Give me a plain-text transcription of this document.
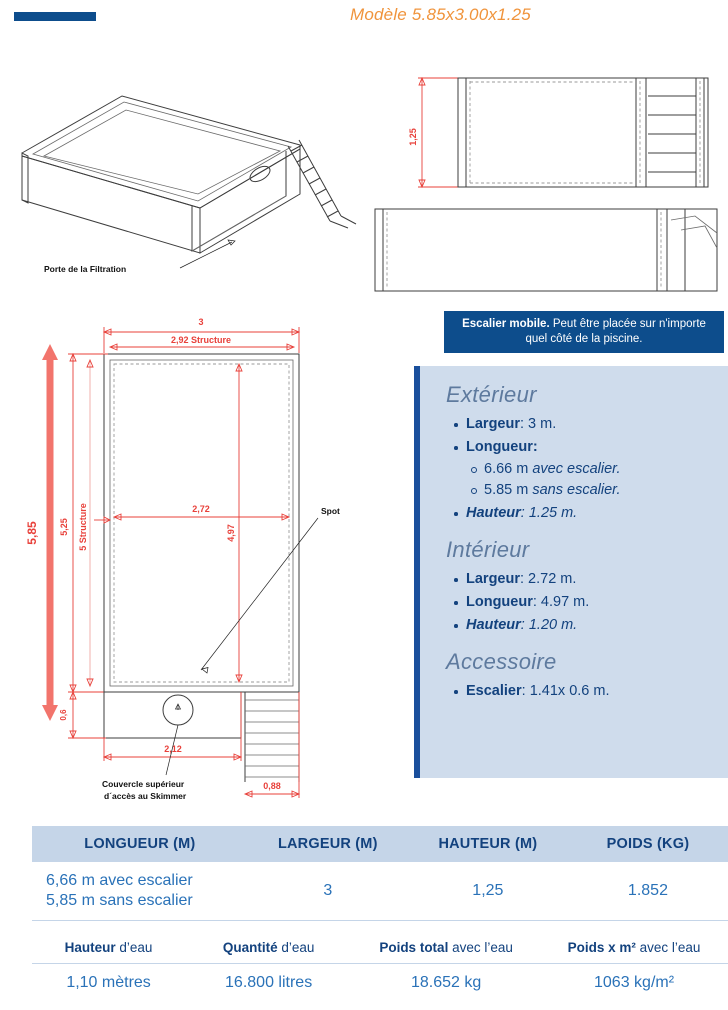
Modèle 5.85x3.00x1.25
Porte de la Filtration
1,25
3
2,92 Structure
5,85 5,25 5 Structure	2,72
4,97
0,6
2,12
Couvercle supérieur
d´accès au Skimmer
0,88
Spot
Escalier mobile. Peut être placée sur n'importe quel côté de la piscine.
Extérieur
Largeur: 3 m.
Longueur:
6.66 m avec escalier.
5.85 m sans escalier.
Hauteur: 1.25 m.
Intérieur
Largeur: 2.72 m.
Longueur: 4.97 m.
Hauteur: 1.20 m.
Accessoire
Escalier: 1.41x 0.6 m.
LONGUEUR (M)	LARGEUR (M)	HAUTEUR (M)	POIDS (KG)
6,66 m avec escalier
5,85 m sans escalier	3	1,25	1.852
Hauteur d’eau	Quantité d’eau	Poids total avec l’eau	Poids x m² avec l’eau
1,10 mètres	16.800 litres	18.652 kg	1063 kg/m²
